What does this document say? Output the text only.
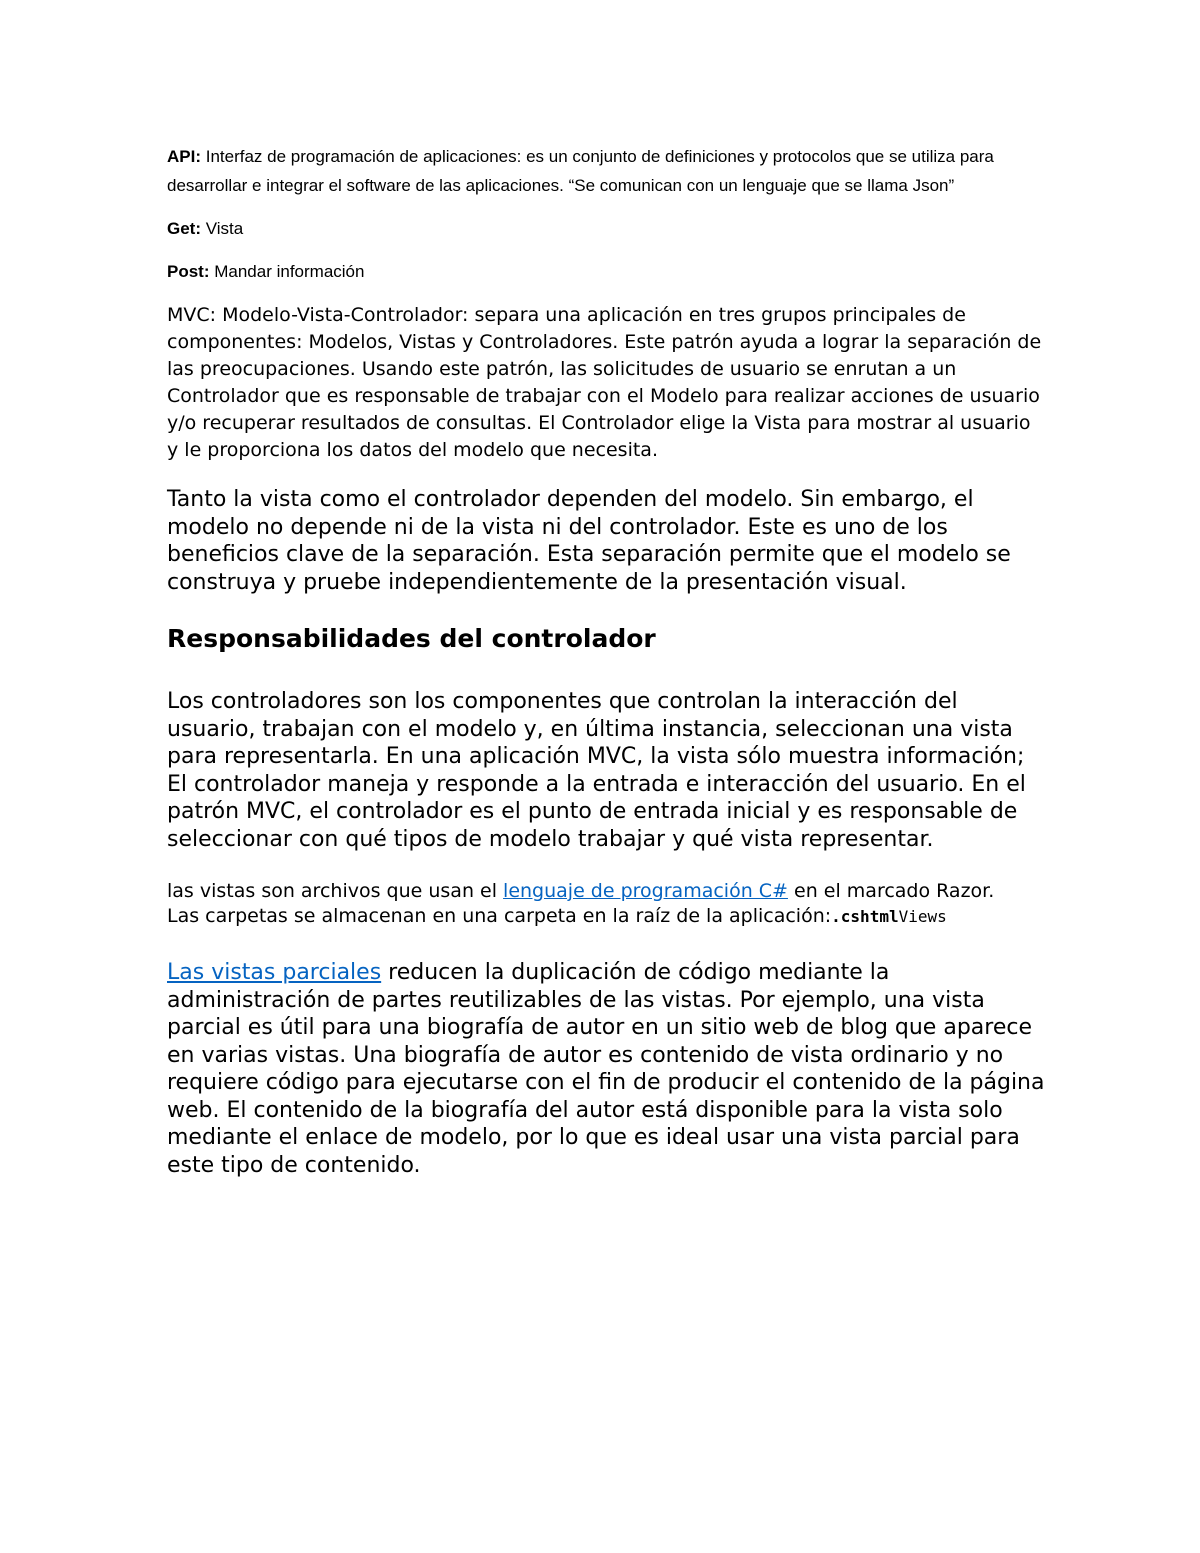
API: Interfaz de programación de aplicaciones: es un conjunto de definiciones y protocolos que se utiliza para desarrollar e integrar el software de las aplicaciones. “Se comunican con un lenguaje que se llama Json”

Get: Vista

Post: Mandar información

MVC: Modelo-Vista-Controlador: separa una aplicación en tres grupos principales de componentes: Modelos, Vistas y Controladores. Este patrón ayuda a lograr la separación de las preocupaciones. Usando este patrón, las solicitudes de usuario se enrutan a un Controlador que es responsable de trabajar con el Modelo para realizar acciones de usuario y/o recuperar resultados de consultas. El Controlador elige la Vista para mostrar al usuario y le proporciona los datos del modelo que necesita.

Tanto la vista como el controlador dependen del modelo. Sin embargo, el modelo no depende ni de la vista ni del controlador. Este es uno de los beneficios clave de la separación. Esta separación permite que el modelo se construya y pruebe independientemente de la presentación visual.

Responsabilidades del controlador

Los controladores son los componentes que controlan la interacción del usuario, trabajan con el modelo y, en última instancia, seleccionan una vista para representarla. En una aplicación MVC, la vista sólo muestra información; El controlador maneja y responde a la entrada e interacción del usuario. En el patrón MVC, el controlador es el punto de entrada inicial y es responsable de seleccionar con qué tipos de modelo trabajar y qué vista representar.

las vistas son archivos que usan el lenguaje de programación C# en el marcado Razor.
Las carpetas se almacenan en una carpeta en la raíz de la aplicación:.cshtmlViews

Las vistas parciales reducen la duplicación de código mediante la administración de partes reutilizables de las vistas. Por ejemplo, una vista parcial es útil para una biografía de autor en un sitio web de blog que aparece en varias vistas. Una biografía de autor es contenido de vista ordinario y no requiere código para ejecutarse con el fin de producir el contenido de la página web. El contenido de la biografía del autor está disponible para la vista solo mediante el enlace de modelo, por lo que es ideal usar una vista parcial para este tipo de contenido.
